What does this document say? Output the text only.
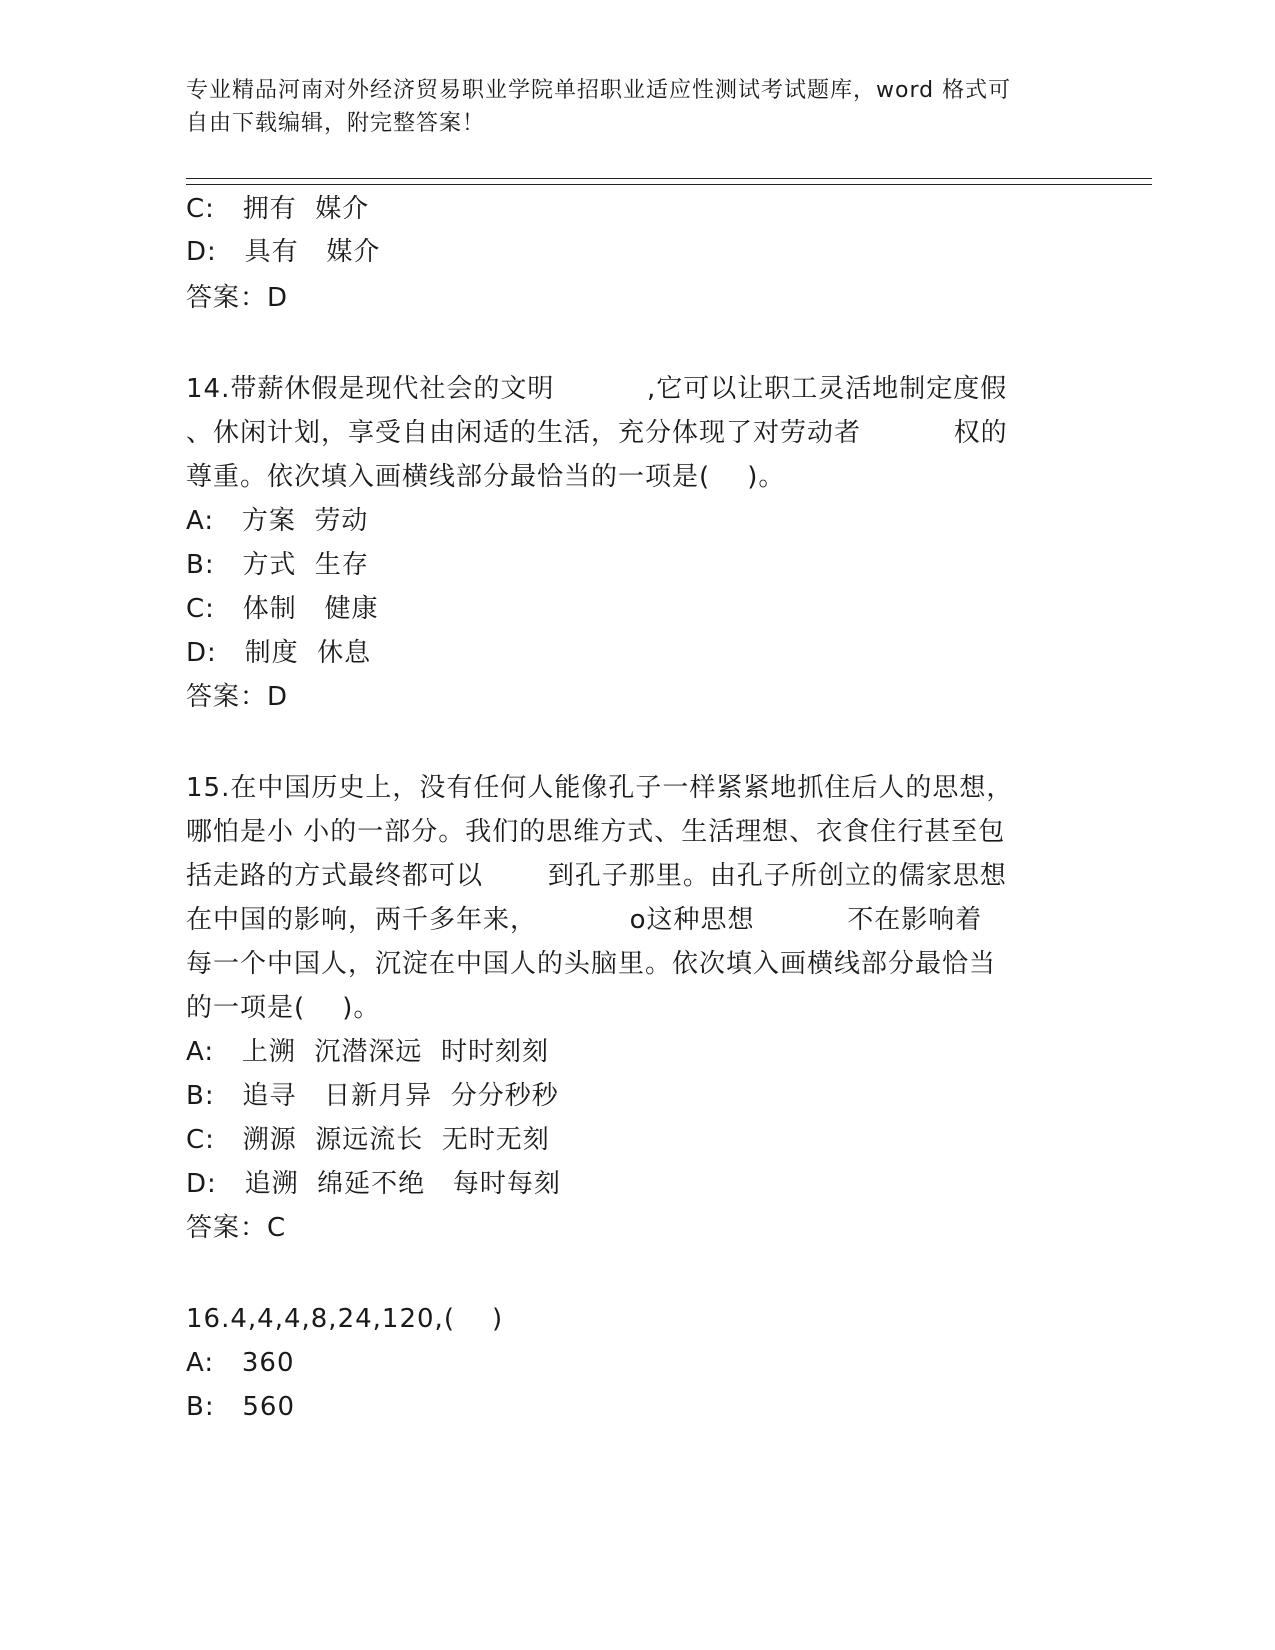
专业精品河南对外经济贸易职业学院单招职业适应性测试考试题库，word 格式可
自由下载编辑，附完整答案！
C:   拥有  媒介
D:   具有   媒介
答案：D
14.带薪休假是现代社会的文明          ,它可以让职工灵活地制定度假
、休闲计划，享受自由闲适的生活，充分体现了对劳动者          权的
尊重。依次填入画横线部分最恰当的一项是(    )。
A:   方案  劳动
B:   方式  生存
C:   体制   健康
D:   制度  休息
答案：D
15.在中国历史上，没有任何人能像孔子一样紧紧地抓住后人的思想，
哪怕是小 小的一部分。我们的思维方式、生活理想、衣食住行甚至包
括走路的方式最终都可以       到孔子那里。由孔子所创立的儒家思想
在中国的影响，两千多年来，          o这种思想          不在影响着
每一个中国人，沉淀在中国人的头脑里。依次填入画横线部分最恰当
的一项是(    )。
A:   上溯  沉潜深远  时时刻刻
B:   追寻   日新月异  分分秒秒
C:   溯源  源远流长  无时无刻
D:   追溯  绵延不绝   每时每刻
答案：C
16.4,4,4,8,24,120,(    )
A:   360
B:   560
